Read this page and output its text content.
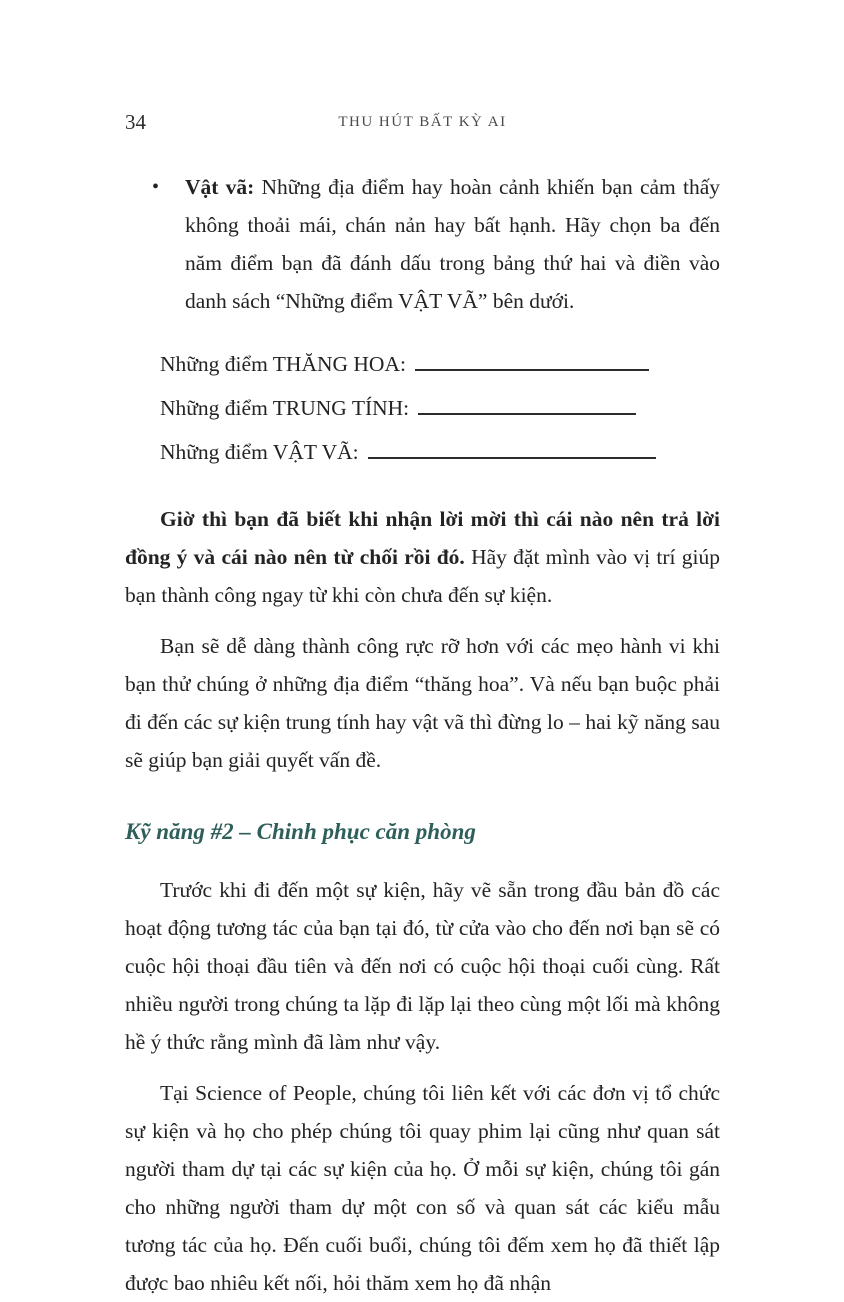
34	THU HÚT BẤT KỲ AI
•	Vật vã: Những địa điểm hay hoàn cảnh khiến bạn cảm thấy không thoải mái, chán nản hay bất hạnh. Hãy chọn ba đến năm điểm bạn đã đánh dấu trong bảng thứ hai và điền vào danh sách “Những điểm VẬT VÃ” bên dưới.

Những điểm THĂNG HOA:
Những điểm TRUNG TÍNH:
Những điểm VẬT VÃ:

Giờ thì bạn đã biết khi nhận lời mời thì cái nào nên trả lời đồng ý và cái nào nên từ chối rồi đó. Hãy đặt mình vào vị trí giúp bạn thành công ngay từ khi còn chưa đến sự kiện.

Bạn sẽ dễ dàng thành công rực rỡ hơn với các mẹo hành vi khi bạn thử chúng ở những địa điểm “thăng hoa”. Và nếu bạn buộc phải đi đến các sự kiện trung tính hay vật vã thì đừng lo – hai kỹ năng sau sẽ giúp bạn giải quyết vấn đề.

Kỹ năng #2 – Chinh phục căn phòng

Trước khi đi đến một sự kiện, hãy vẽ sẵn trong đầu bản đồ các hoạt động tương tác của bạn tại đó, từ cửa vào cho đến nơi bạn sẽ có cuộc hội thoại đầu tiên và đến nơi có cuộc hội thoại cuối cùng. Rất nhiều người trong chúng ta lặp đi lặp lại theo cùng một lối mà không hề ý thức rằng mình đã làm như vậy.

Tại Science of People, chúng tôi liên kết với các đơn vị tổ chức sự kiện và họ cho phép chúng tôi quay phim lại cũng như quan sát người tham dự tại các sự kiện của họ. Ở mỗi sự kiện, chúng tôi gán cho những người tham dự một con số và quan sát các kiểu mẫu tương tác của họ. Đến cuối buổi, chúng tôi đếm xem họ đã thiết lập được bao nhiêu kết nối, hỏi thăm xem họ đã nhận
